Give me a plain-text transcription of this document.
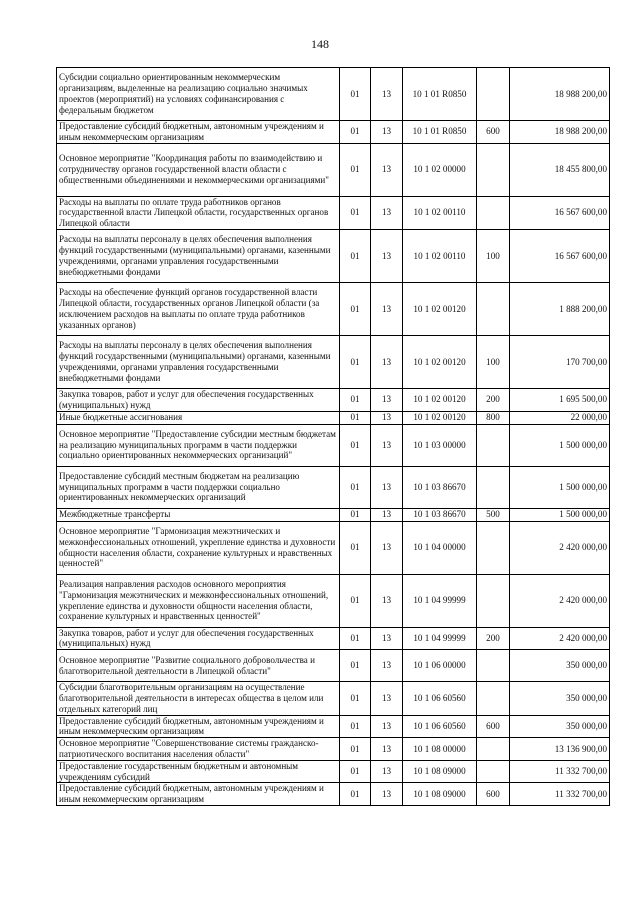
148
Субсидии социально ориентированным некоммерческим организациям, выделенные на реализацию социально значимых проектов (мероприятий) на условиях софинансирования с федеральным бюджетом	01	13	10 1 01 R0850		18 988 200,00
Предоставление субсидий бюджетным, автономным учреждениям и иным некоммерческим организациям	01	13	10 1 01 R0850	600	18 988 200,00
Основное мероприятие "Координация работы по взаимодействию и сотрудничеству органов государственной власти области с общественными объединениями и некоммерческими организациями"	01	13	10 1 02 00000		18 455 800,00
Расходы на выплаты по оплате труда работников органов государственной власти Липецкой области, государственных органов Липецкой области	01	13	10 1 02 00110		16 567 600,00
Расходы на выплаты персоналу в целях обеспечения выполнения функций государственными (муниципальными) органами, казенными учреждениями, органами управления государственными внебюджетными фондами	01	13	10 1 02 00110	100	16 567 600,00
Расходы на обеспечение функций органов государственной власти Липецкой области, государственных органов Липецкой области (за исключением расходов на выплаты по оплате труда работников указанных органов)	01	13	10 1 02 00120		1 888 200,00
Расходы на выплаты персоналу в целях обеспечения выполнения функций государственными (муниципальными) органами, казенными учреждениями, органами управления государственными внебюджетными фондами	01	13	10 1 02 00120	100	170 700,00
Закупка товаров, работ и услуг для обеспечения государственных (муниципальных) нужд	01	13	10 1 02 00120	200	1 695 500,00
Иные бюджетные ассигнования	01	13	10 1 02 00120	800	22 000,00
Основное мероприятие "Предоставление субсидии местным бюджетам на реализацию муниципальных программ в части поддержки социально ориентированных некоммерческих организаций"	01	13	10 1 03 00000		1 500 000,00
Предоставление субсидий местным бюджетам на реализацию муниципальных программ в части поддержки социально ориентированных некоммерческих организаций	01	13	10 1 03 86670		1 500 000,00
Межбюджетные трансферты	01	13	10 1 03 86670	500	1 500 000,00
Основное мероприятие "Гармонизация межэтнических и межконфессиональных отношений, укрепление единства и духовности общности населения области, сохранение культурных и нравственных ценностей"	01	13	10 1 04 00000		2 420 000,00
Реализация направления расходов основного мероприятия "Гармонизация межэтнических и межконфессиональных отношений, укрепление единства и духовности общности населения области, сохранение культурных и нравственных ценностей"	01	13	10 1 04 99999		2 420 000,00
Закупка товаров, работ и услуг для обеспечения государственных (муниципальных) нужд	01	13	10 1 04 99999	200	2 420 000,00
Основное мероприятие "Развитие социального добровольчества и благотворительной деятельности в Липецкой области"	01	13	10 1 06 00000		350 000,00
Субсидии благотворительным организациям на осуществление благотворительной деятельности в интересах общества в целом или отдельных категорий лиц	01	13	10 1 06 60560		350 000,00
Предоставление субсидий бюджетным, автономным учреждениям и иным некоммерческим организациям	01	13	10 1 06 60560	600	350 000,00
Основное мероприятие "Совершенствование системы гражданско-патриотического воспитания населения области"	01	13	10 1 08 00000		13 136 900,00
Предоставление государственным бюджетным и автономным учреждениям субсидий	01	13	10 1 08 09000		11 332 700,00
Предоставление субсидий бюджетным, автономным учреждениям и иным некоммерческим организациям	01	13	10 1 08 09000	600	11 332 700,00
